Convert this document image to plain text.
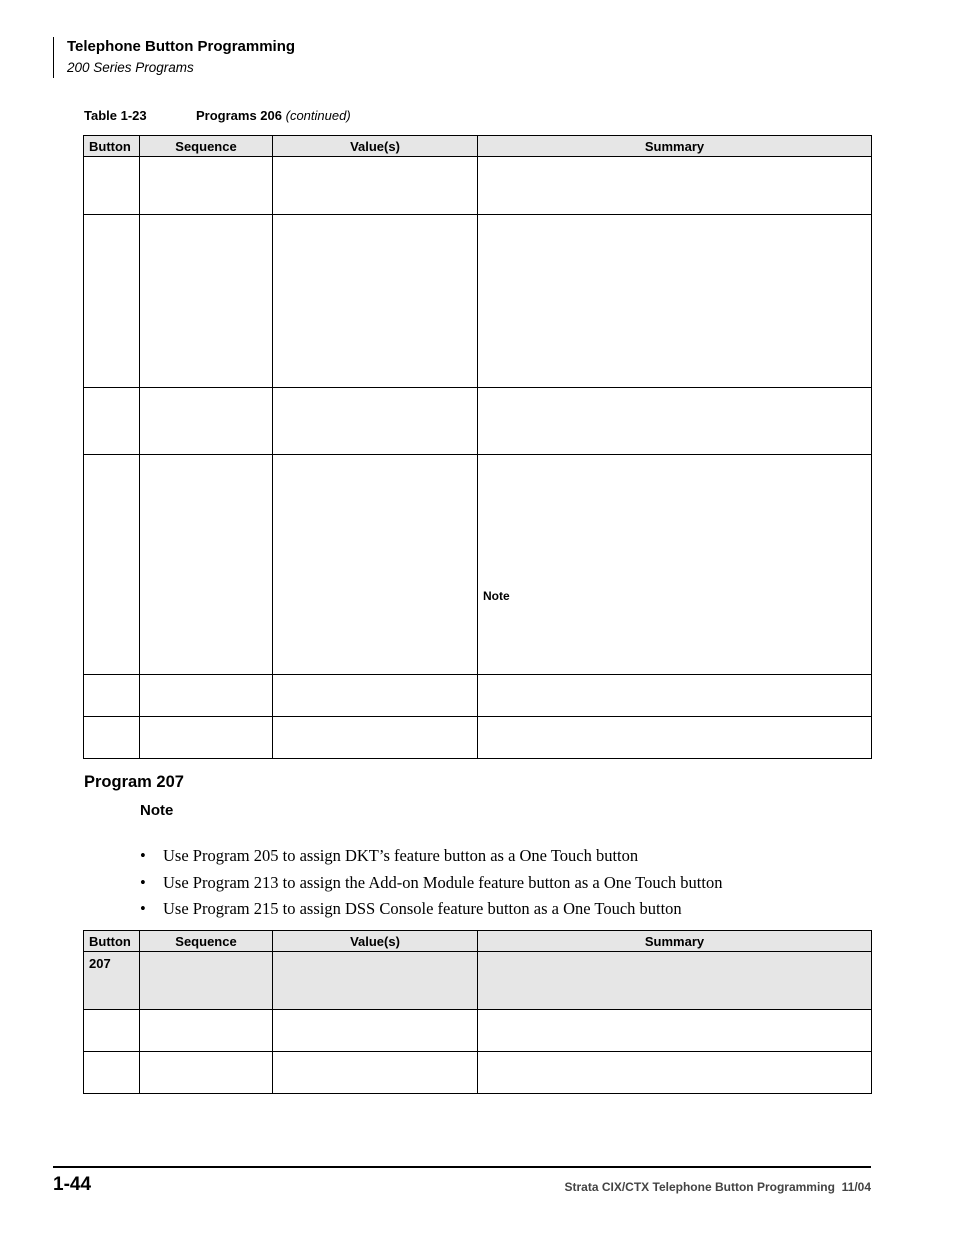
Telephone Button Programming
200 Series Programs
Table 1-23	Programs 206 (continued)
Button	Sequence	Value(s)	Summary

			Note

Program 207
Note
• Use Program 205 to assign DKT’s feature button as a One Touch button
• Use Program 213 to assign the Add-on Module feature button as a One Touch button
• Use Program 215 to assign DSS Console feature button as a One Touch button
Button	Sequence	Value(s)	Summary
207			

1-44	Strata CIX/CTX Telephone Button Programming  11/04
